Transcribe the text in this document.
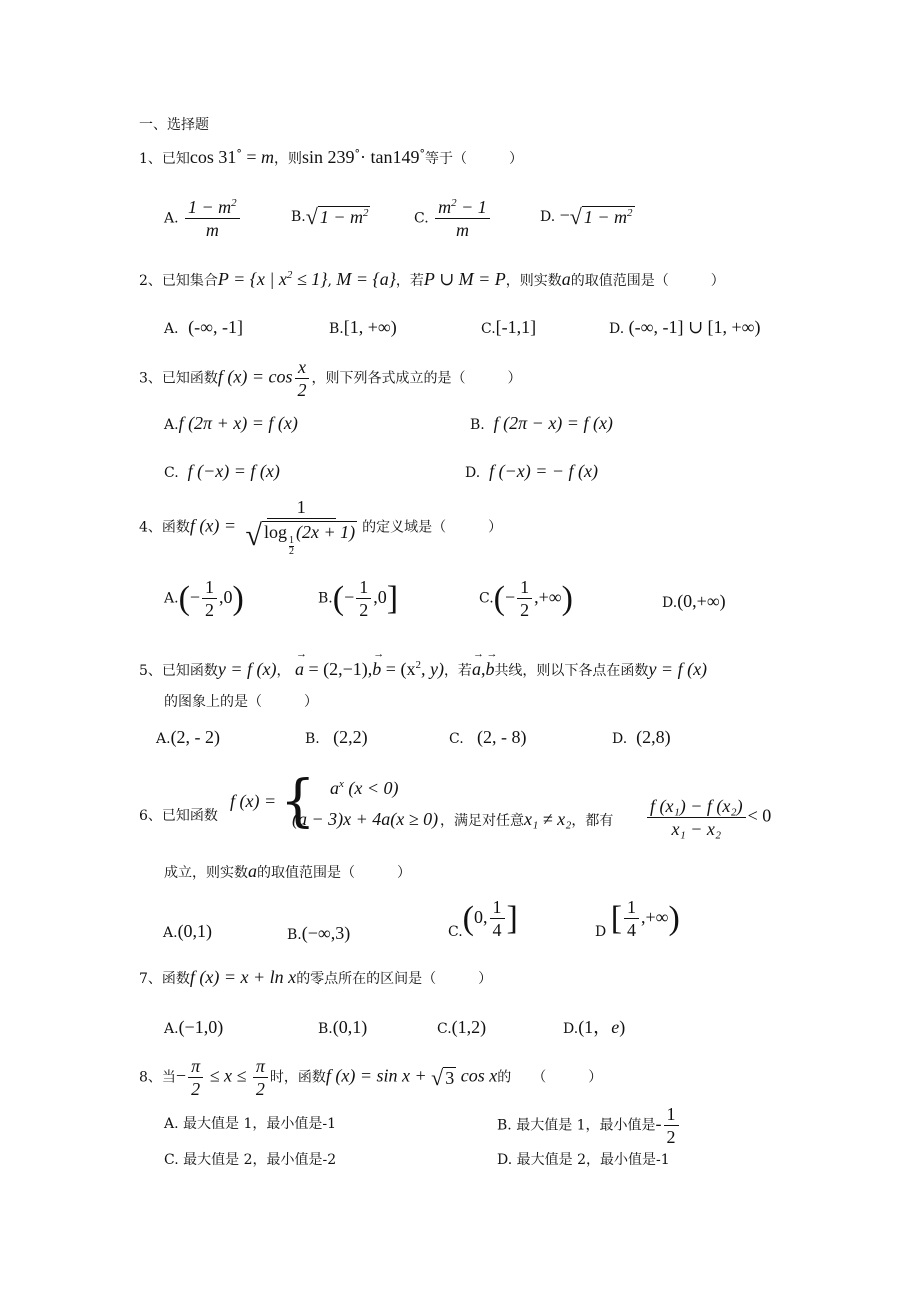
一、选择题
1、已知cos 31° = m，则sin 239°· tan149°等于（　　　）
A. $\frac{1 - m^2}{m}$	B. √ $1 - m^2$	C. $\frac{m^2 - 1}{m}$	D. − √ $1 - m^2$
2、已知集合P = {x | $x^2 \le 1$}, M = {a}，若P ∪ M = P，则实数a的取值范围是（　　　）
A．(-∞, -1]	B.[1, +∞)	C.[-1,1]	D. (-∞, -1] ∪ [1, +∞)
3、已知函数f $(x) = \cos \frac{x}{2}$ ，则下列各式成立的是（　　　）
A.f (2π + x) = f (x)	B. f (2π − x) = f (x)
C. f (−x) = f (x)	D. f (−x) = − f (x)
4、函数f (x) = 1
√ log
$\frac{1}{2}$
(2x + 1) 的定义域是（　　　）
$A.(- \frac{1}{2} ,0)$	$B.(- \frac{1}{2} ,0]$	$C.(- \frac{1}{2}$ ,+∞)	D.(0,+∞)
5、已知函数y = f (x)， → $a = (2,-1),\to b = (x^2$, y)，若→ a,→ b共线，则以下各点在函数y = f (x)
的图象上的是（　　　）
A.(2, - 2)	B. (2,2)	C. (2, - 8)	D. (2,8)
6、已知函数
f (x) = { $a^x$ (x < 0)
(a − 3)x + 4a(x ≥ 0) ，满足对任意x₁ ≠ x₂，都有 $\frac{\text{f (x₁) − f (x₂)}}{\text{x₁ − x₂}} < 0$
成立，则实数a的取值范围是（　　　）
A.(0,1)	B.(−∞,3)	C.(0, $\frac{1}{4}$ ]	D [ $\frac{1}{4}$ ,+∞)
7、函数f (x) = x + ln x的零点所在的区间是（　　　）
A.(−1,0)	B.(0,1)	C.(1,2)	D.(1，e)
8、当− $\frac{\pi}{2} \le x \le \frac{\pi}{2}$ 时，函数f (x) = sin x + √ 3 cos x的　　（　　　）
A. 最大值是 1，最小值是-1	B. 最大值是 1，最小值是- $\frac{1}{2}$
C. 最大值是 2，最小值是-2	D. 最大值是 2，最小值是-1
